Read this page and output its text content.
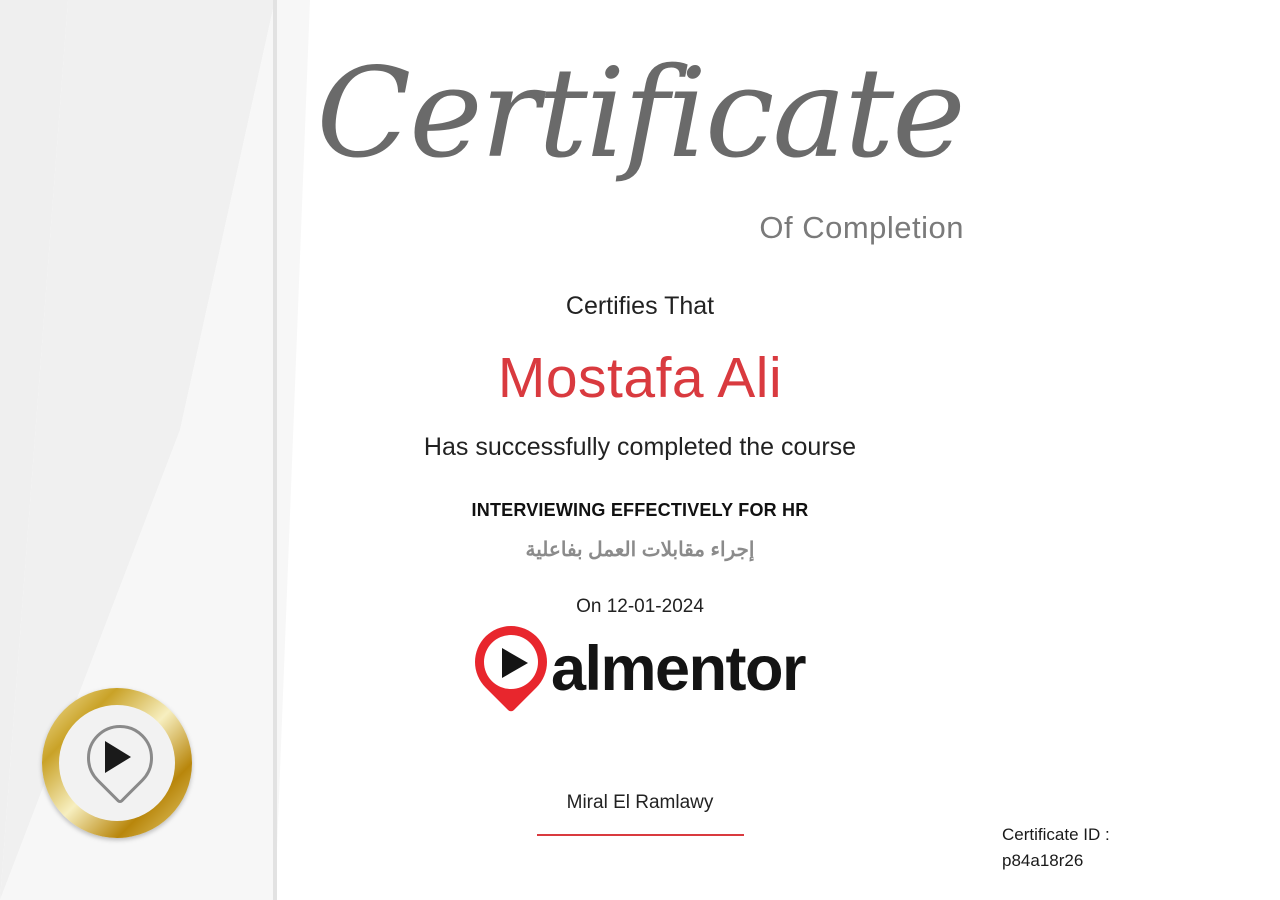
Certificate
Of Completion
Certifies That
Mostafa Ali
Has successfully completed the course
INTERVIEWING EFFECTIVELY FOR HR
إجراء مقابلات العمل بفاعلية
On 12-01-2024
almentor
Miral El Ramlawy
Certificate ID :
p84a18r26
